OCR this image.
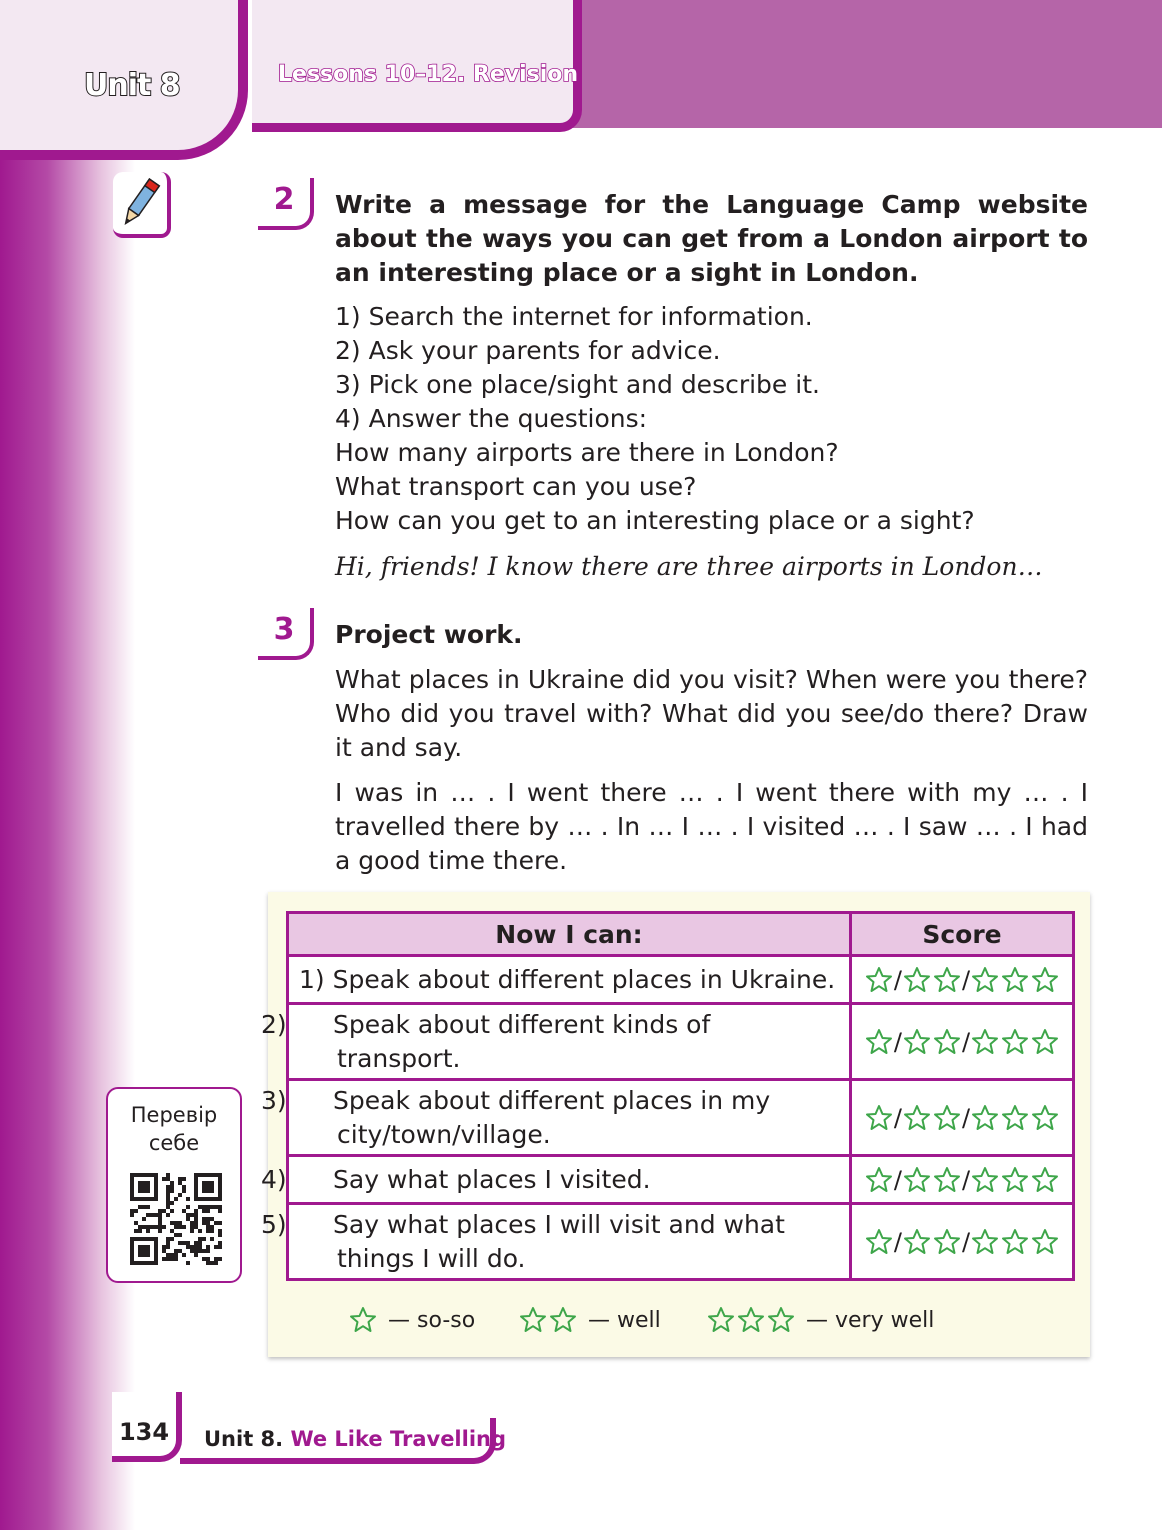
Unit 8	Lessons 10–12. Revision
2	Write a message for the Language Camp website about the ways you can get from a London airport to an interesting place or a sight in London.
1) Search the internet for information.
2) Ask your parents for advice.
3) Pick one place/sight and describe it.
4) Answer the questions:
How many airports are there in London?
What transport can you use?
How can you get to an interesting place or a sight?
Hi, friends! I know there are three airports in London…
3	Project work.
What places in Ukraine did you visit? When were you there? Who did you travel with? What did you see/do there? Draw it and say.
I was in … . I went there … . I went there with my … . I travelled there by … . In … I … . I visited … . I saw … . I had a good time there.
Now I can:	Score
1) Speak about different places in Ukraine.	/ /

2) Speak about different kinds of transport.	/ /

3) Speak about different places in my city/town/village.	/ /

4) Say what places I visited.	/ /

5) Say what places I will visit and what things I will do.	/ /
— so-so	— well	— very well
Перевір
себе
134	Unit 8. We Like Travelling
